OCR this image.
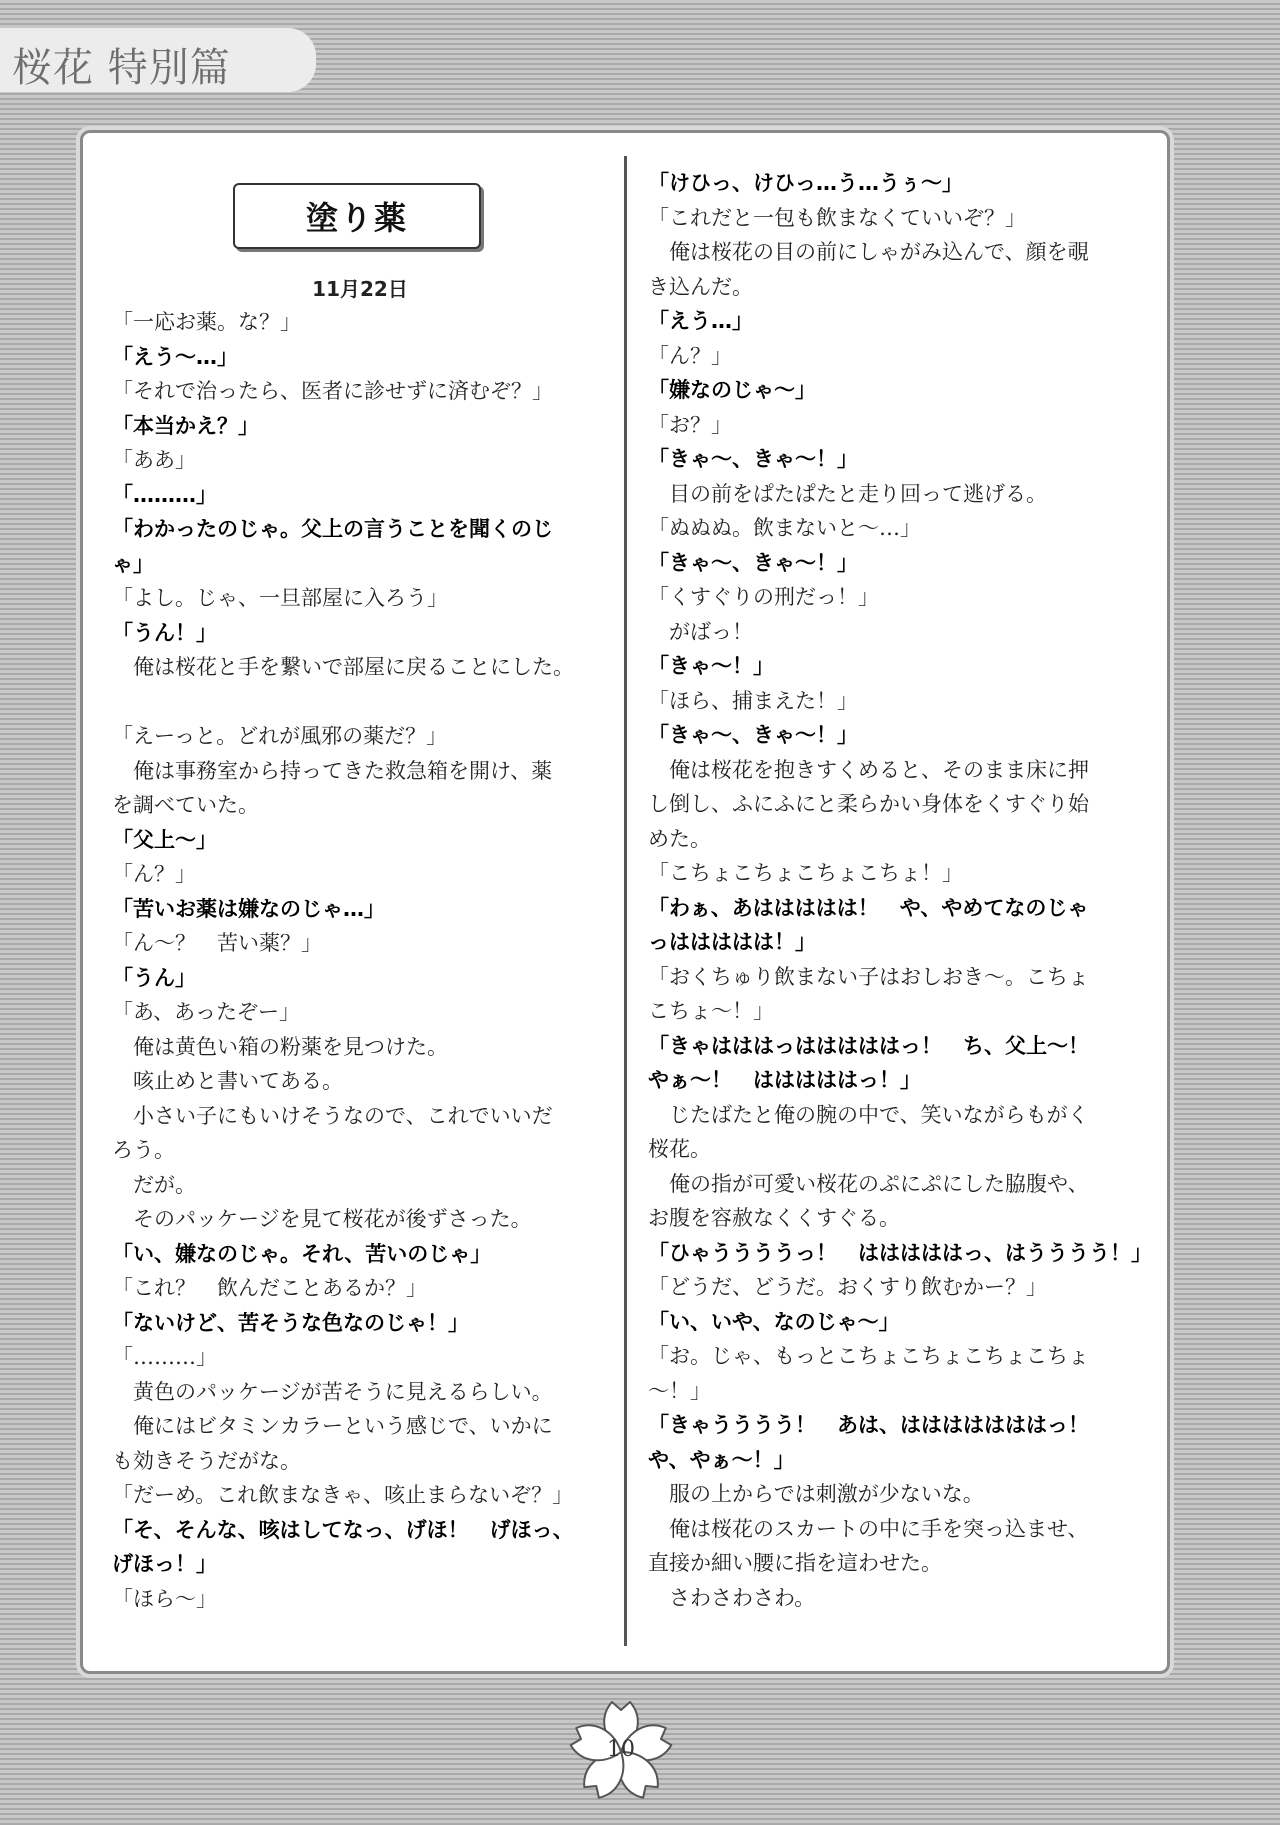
桜花 特別篇
塗り薬
11月22日
「一応お薬。な？」
「えう〜…」
「それで治ったら、医者に診せずに済むぞ？」
「本当かえ？」
「ああ」
「………」
「わかったのじゃ。父上の言うことを聞くのじ
ゃ」
「よし。じゃ、一旦部屋に入ろう」
「うん！」
　俺は桜花と手を繋いで部屋に戻ることにした。
「えーっと。どれが風邪の薬だ？」
　俺は事務室から持ってきた救急箱を開け、薬
を調べていた。
「父上〜」
「ん？」
「苦いお薬は嫌なのじゃ…」
「ん〜？　苦い薬？」
「うん」
「あ、あったぞー」
　俺は黄色い箱の粉薬を見つけた。
　咳止めと書いてある。
　小さい子にもいけそうなので、これでいいだ
ろう。
　だが。
　そのパッケージを見て桜花が後ずさった。
「い、嫌なのじゃ。それ、苦いのじゃ」
「これ？　飲んだことあるか？」
「ないけど、苦そうな色なのじゃ！」
「………」
　黄色のパッケージが苦そうに見えるらしい。
　俺にはビタミンカラーという感じで、いかに
も効きそうだがな。
「だーめ。これ飲まなきゃ、咳止まらないぞ？」
「そ、そんな、咳はしてなっ、げほ！　げほっ、
げほっ！」
「ほら〜」
「けひっ、けひっ…う…うぅ〜」
「これだと一包も飲まなくていいぞ？」
　俺は桜花の目の前にしゃがみ込んで、顔を覗
き込んだ。
「えう…」
「ん？」
「嫌なのじゃ〜」
「お？」
「きゃ〜、きゃ〜！」
　目の前をぱたぱたと走り回って逃げる。
「ぬぬぬ。飲まないと〜…」
「きゃ〜、きゃ〜！」
「くすぐりの刑だっ！」
　がばっ！
「きゃ〜！」
「ほら、捕まえた！」
「きゃ〜、きゃ〜！」
　俺は桜花を抱きすくめると、そのまま床に押
し倒し、ふにふにと柔らかい身体をくすぐり始
めた。
「こちょこちょこちょこちょ！」
「わぁ、あははははは！　や、やめてなのじゃ
っははははは！」
「おくちゅり飲まない子はおしおき〜。こちょ
こちょ〜！」
「きゃはははっはははははっ！　ち、父上〜！
やぁ〜！　はははははっ！」
　じたばたと俺の腕の中で、笑いながらもがく
桜花。
　俺の指が可愛い桜花のぷにぷにした脇腹や、
お腹を容赦なくくすぐる。
「ひゃううううっ！　はははははっ、はうううう！」
「どうだ、どうだ。おくすり飲むかー？」
「い、いや、なのじゃ〜」
「お。じゃ、もっとこちょこちょこちょこちょ
〜！」
「きゃうううう！　あは、はははははははっ！
や、やぁ〜！」
　服の上からでは刺激が少ないな。
　俺は桜花のスカートの中に手を突っ込ませ、
直接か細い腰に指を這わせた。
　さわさわさわ。
10
